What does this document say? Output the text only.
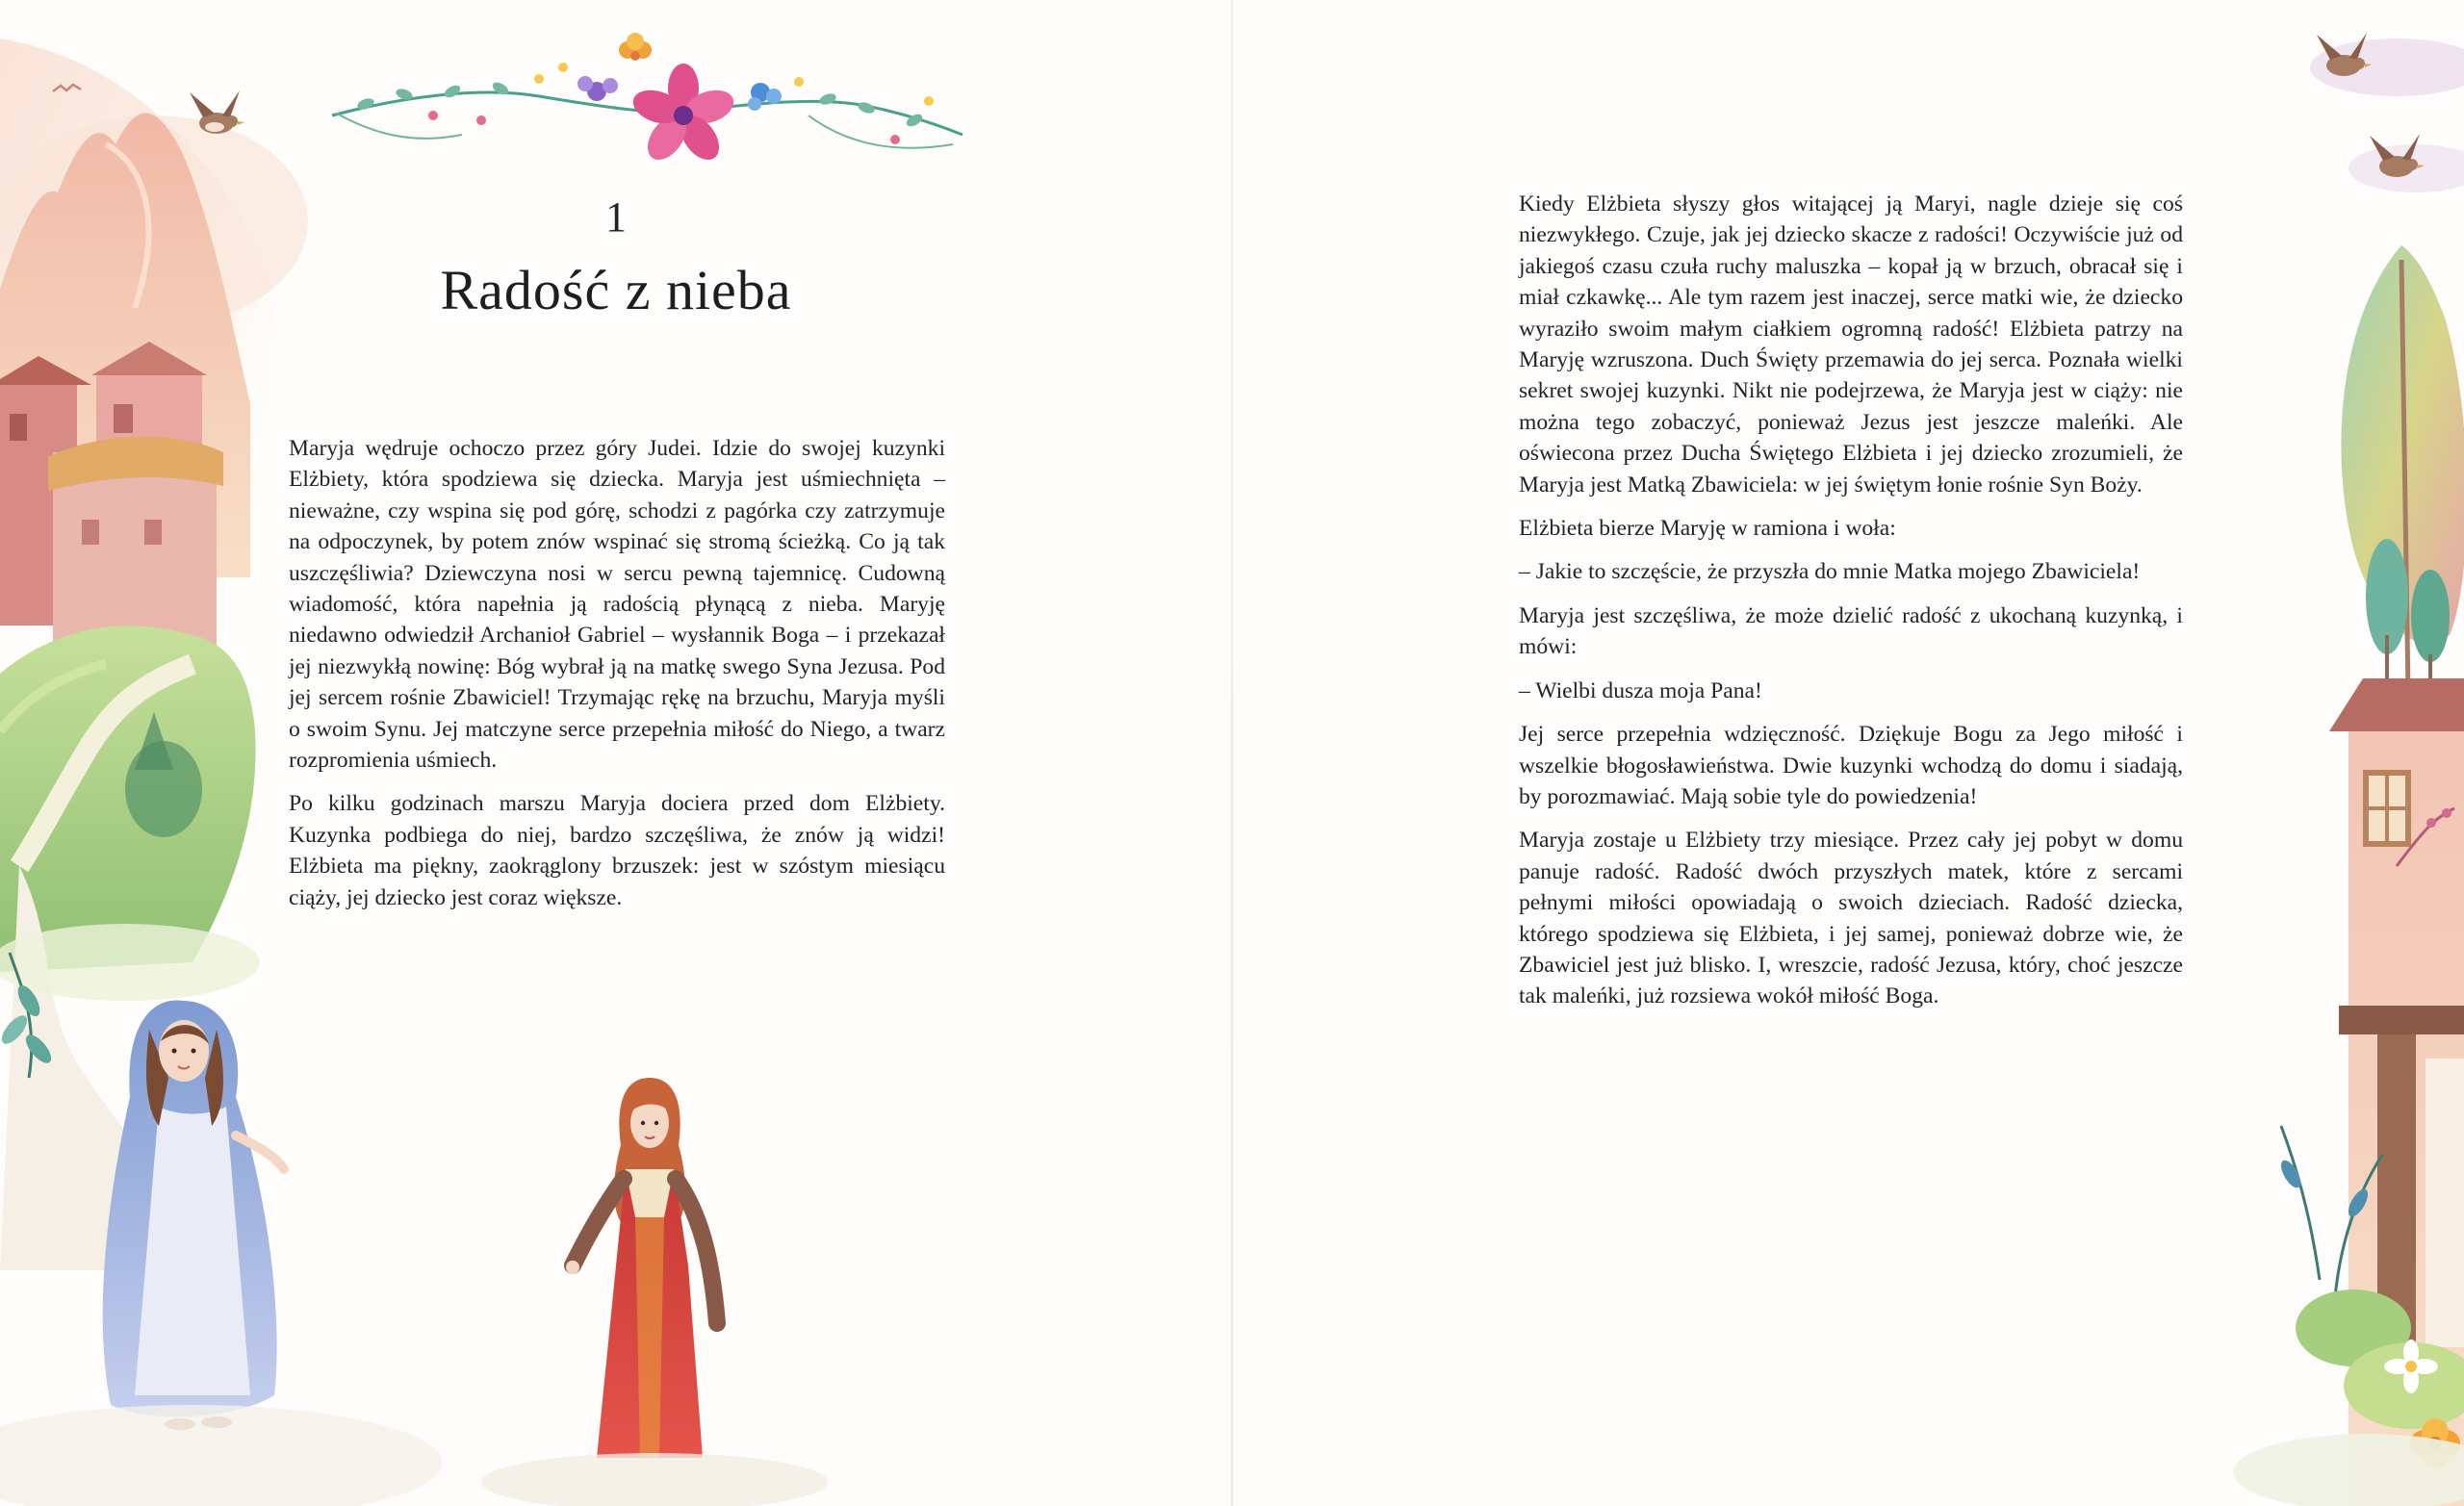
1
Radość z nieba

Maryja wędruje ochoczo przez góry Judei. Idzie do swojej kuzynki Elżbiety, która spodziewa się dziecka. Maryja jest uśmiechnięta – nieważne, czy wspina się pod górę, schodzi z pagórka czy zatrzymuje na odpoczynek, by potem znów wspinać się stromą ścieżką. Co ją tak uszczęśliwia? Dziewczyna nosi w sercu pewną tajemnicę. Cudowną wiadomość, która napełnia ją radością płynącą z nieba. Maryję niedawno odwiedził Archanioł Gabriel – wysłannik Boga – i przekazał jej niezwykłą nowinę: Bóg wybrał ją na matkę swego Syna Jezusa. Pod jej sercem rośnie Zbawiciel! Trzymając rękę na brzuchu, Maryja myśli o swoim Synu. Jej matczyne serce przepełnia miłość do Niego, a twarz rozpromienia uśmiech.

Po kilku godzinach marszu Maryja dociera przed dom Elżbiety. Kuzynka podbiega do niej, bardzo szczęśliwa, że znów ją widzi! Elżbieta ma piękny, zaokrąglony brzuszek: jest w szóstym miesiącu ciąży, jej dziecko jest coraz większe.

Kiedy Elżbieta słyszy głos witającej ją Maryi, nagle dzieje się coś niezwykłego. Czuje, jak jej dziecko skacze z radości! Oczywiście już od jakiegoś czasu czuła ruchy maluszka – kopał ją w brzuch, obracał się i miał czkawkę... Ale tym razem jest inaczej, serce matki wie, że dziecko wyraziło swoim małym ciałkiem ogromną radość! Elżbieta patrzy na Maryję wzruszona. Duch Święty przemawia do jej serca. Poznała wielki sekret swojej kuzynki. Nikt nie podejrzewa, że Maryja jest w ciąży: nie można tego zobaczyć, ponieważ Jezus jest jeszcze maleńki. Ale oświecona przez Ducha Świętego Elżbieta i jej dziecko zrozumieli, że Maryja jest Matką Zbawiciela: w jej świętym łonie rośnie Syn Boży.

Elżbieta bierze Maryję w ramiona i woła:

– Jakie to szczęście, że przyszła do mnie Matka mojego Zbawiciela!

Maryja jest szczęśliwa, że może dzielić radość z ukochaną kuzynką, i mówi:

– Wielbi dusza moja Pana!

Jej serce przepełnia wdzięczność. Dziękuje Bogu za Jego miłość i wszelkie błogosławieństwa. Dwie kuzynki wchodzą do domu i siadają, by porozmawiać. Mają sobie tyle do powiedzenia!

Maryja zostaje u Elżbiety trzy miesiące. Przez cały jej pobyt w domu panuje radość. Radość dwóch przyszłych matek, które z sercami pełnymi miłości opowiadają o swoich dzieciach. Radość dziecka, którego spodziewa się Elżbieta, i jej samej, ponieważ dobrze wie, że Zbawiciel jest już blisko. I, wreszcie, radość Jezusa, który, choć jeszcze tak maleńki, już rozsiewa wokół miłość Boga.
